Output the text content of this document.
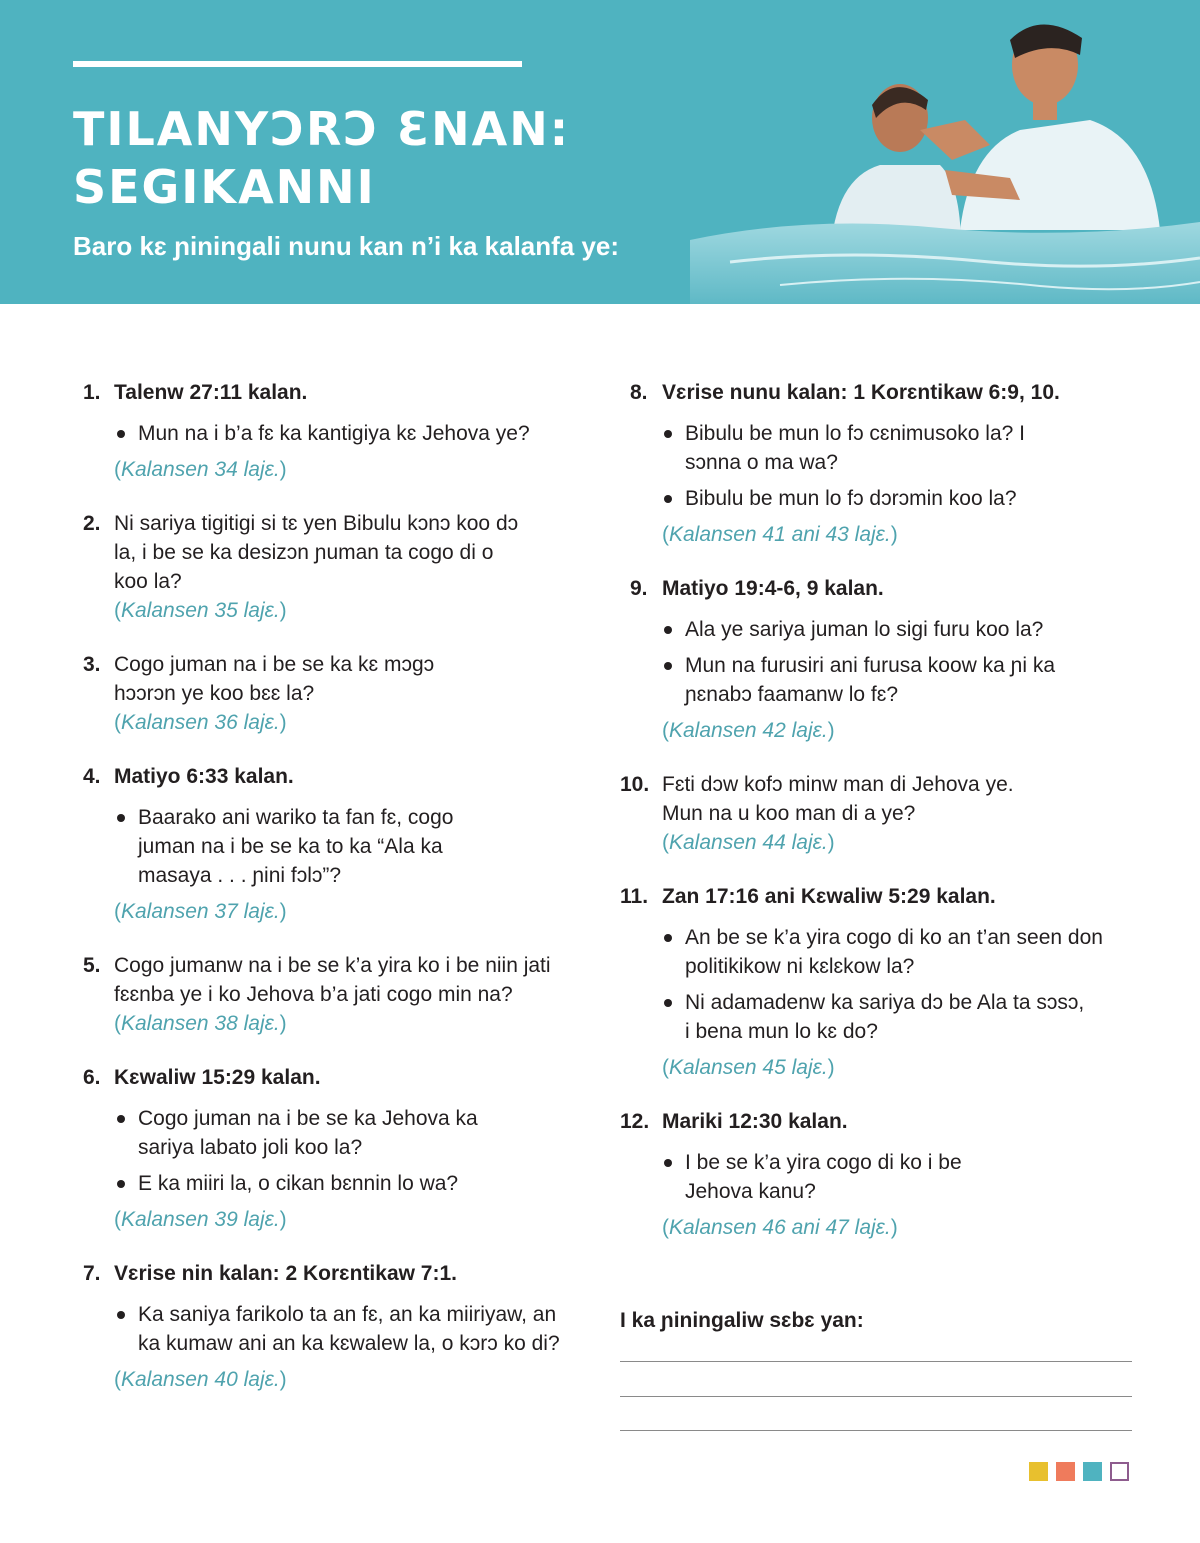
TILANYƆRƆ ƐNAN:
SEGIKANNI

Baro kɛ ɲiningali nunu kan n’i ka kalanfa ye:

1. Talenw 27:11 kalan.
Mun na i b’a fɛ ka kantigiya kɛ Jehova ye?
(Kalansen 34 lajɛ.)
2. Ni sariya tigitigi si tɛ yen Bibulu kɔnɔ koo dɔ la, i be se ka desizɔn ɲuman ta cogo di o koo la?
(Kalansen 35 lajɛ.)
3. Cogo juman na i be se ka kɛ mɔgɔ hɔɔrɔn ye koo bɛɛ la?
(Kalansen 36 lajɛ.)
4. Matiyo 6:33 kalan.
Baarako ani wariko ta fan fɛ, cogo juman na i be se ka to ka “Ala ka masaya . . . ɲini fɔlɔ”?
(Kalansen 37 lajɛ.)
5. Cogo jumanw na i be se k’a yira ko i be niin jati fɛɛnba ye i ko Jehova b’a jati cogo min na?
(Kalansen 38 lajɛ.)
6. Kɛwaliw 15:29 kalan.
Cogo juman na i be se ka Jehova ka sariya labato joli koo la?
E ka miiri la, o cikan bɛnnin lo wa?
(Kalansen 39 lajɛ.)
7. Vɛrise nin kalan: 2 Korɛntikaw 7:1.
Ka saniya farikolo ta an fɛ, an ka miiriyaw, an ka kumaw ani an ka kɛwalew la, o kɔrɔ ko di?
(Kalansen 40 lajɛ.)
8. Vɛrise nunu kalan: 1 Korɛntikaw 6:9, 10.
Bibulu be mun lo fɔ cɛnimusoko la? I sɔnna o ma wa?
Bibulu be mun lo fɔ dɔrɔmin koo la?
(Kalansen 41 ani 43 lajɛ.)
9. Matiyo 19:4-6, 9 kalan.
Ala ye sariya juman lo sigi furu koo la?
Mun na furusiri ani furusa koow ka ɲi ka ɲɛnabɔ faamanw lo fɛ?
(Kalansen 42 lajɛ.)
10. Fɛti dɔw kofɔ minw man di Jehova ye. Mun na u koo man di a ye?
(Kalansen 44 lajɛ.)
11. Zan 17:16 ani Kɛwaliw 5:29 kalan.
An be se k’a yira cogo di ko an t’an seen don politikikow ni kɛlɛkow la?
Ni adamadenw ka sariya dɔ be Ala ta sɔsɔ, i bena mun lo kɛ do?
(Kalansen 45 lajɛ.)
12. Mariki 12:30 kalan.
I be se k’a yira cogo di ko i be Jehova kanu?
(Kalansen 46 ani 47 lajɛ.)
I ka ɲiningaliw sɛbɛ yan:
